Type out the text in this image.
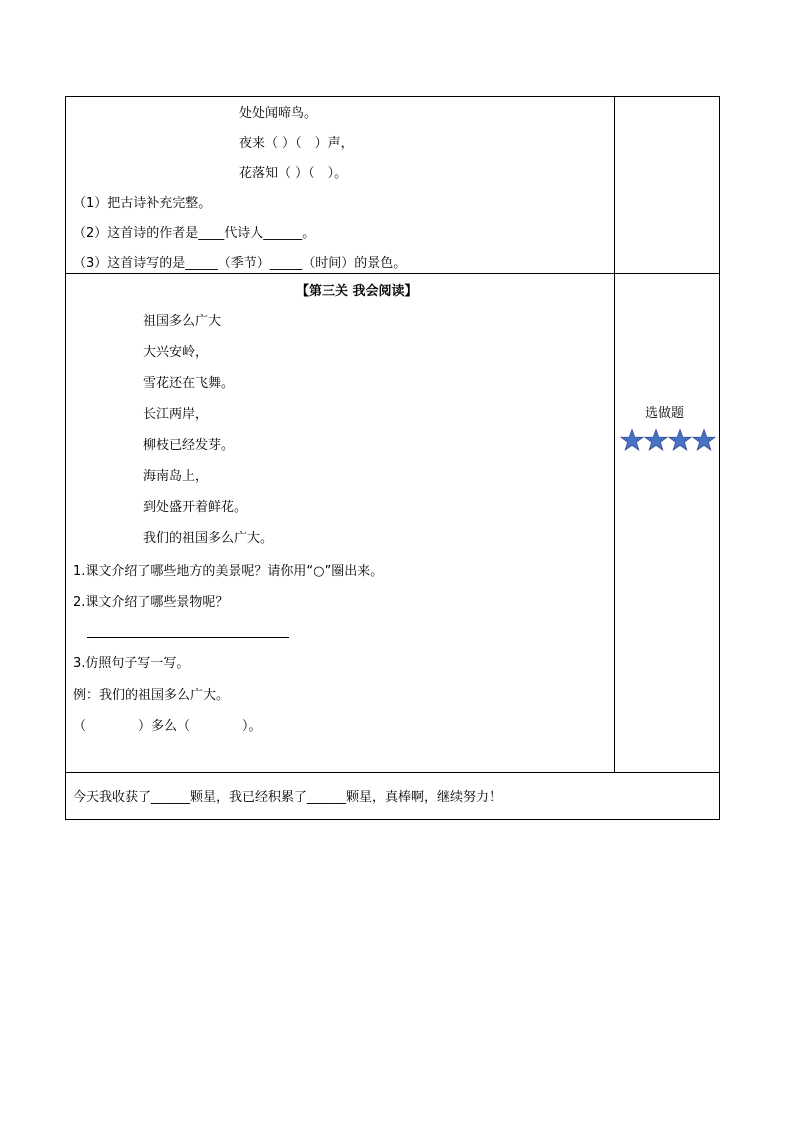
处处闻啼鸟。
夜来（ ）（　）声，
花落知（ ）（　）。
（1）把古诗补充完整。
（2）这首诗的作者是____代诗人______。
（3）这首诗写的是_____（季节）_____（时间）的景色。
【第三关 我会阅读】
祖国多么广大
大兴安岭，
雪花还在飞舞。
长江两岸，
柳枝已经发芽。
海南岛上，
到处盛开着鲜花。
我们的祖国多么广大。
1.课文介绍了哪些地方的美景呢？请你用“○”圈出来。
2.课文介绍了哪些景物呢？
3.仿照句子写一写。
例：我们的祖国多么广大。
（　　　　）多么（　　　　）。
选做题
今天我收获了______颗星，我已经积累了______颗星，真棒啊，继续努力！
